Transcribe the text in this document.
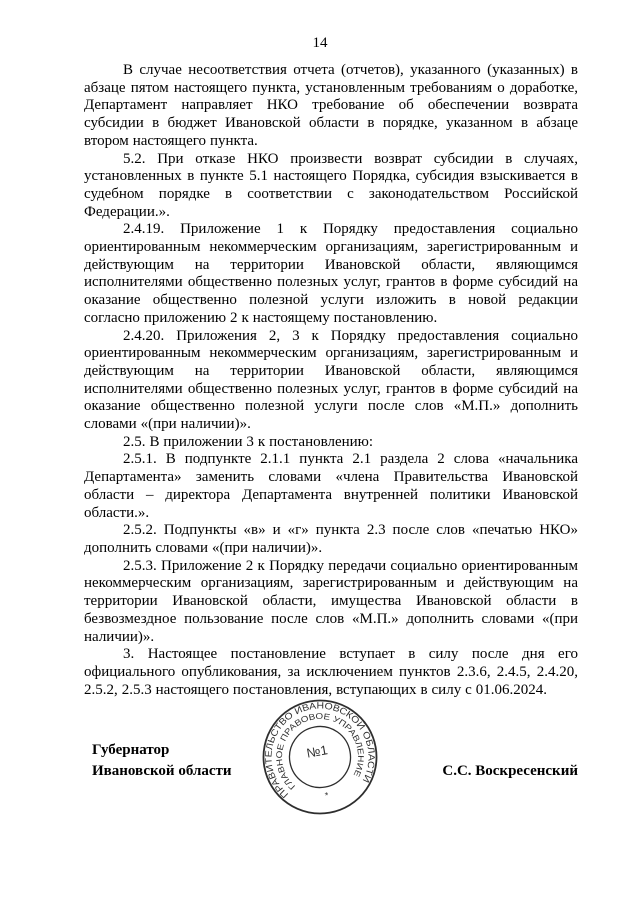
14

В случае несоответствия отчета (отчетов), указанного (указанных) в абзаце пятом настоящего пункта, установленным требованиям о доработке, Департамент направляет НКО требование об обеспечении возврата субсидии в бюджет Ивановской области в порядке, указанном в абзаце втором настоящего пункта.

5.2. При отказе НКО произвести возврат субсидии в случаях, установленных в пункте 5.1 настоящего Порядка, субсидия взыскивается в судебном порядке в соответствии с законодательством Российской Федерации.».

2.4.19. Приложение 1 к Порядку предоставления социально ориентированным некоммерческим организациям, зарегистрированным и действующим на территории Ивановской области, являющимся исполнителями общественно полезных услуг, грантов в форме субсидий на оказание общественно полезной услуги изложить в новой редакции согласно приложению 2 к настоящему постановлению.

2.4.20. Приложения 2, 3 к Порядку предоставления социально ориентированным некоммерческим организациям, зарегистрированным и действующим на территории Ивановской области, являющимся исполнителями общественно полезных услуг, грантов в форме субсидий на оказание общественно полезной услуги после слов «М.П.» дополнить словами «(при наличии)».

2.5. В приложении 3 к постановлению:

2.5.1. В подпункте 2.1.1 пункта 2.1 раздела 2 слова «начальника Департамента» заменить словами «члена Правительства Ивановской области – директора Департамента внутренней политики Ивановской области.».

2.5.2. Подпункты «в» и «г» пункта 2.3 после слов «печатью НКО» дополнить словами «(при наличии)».

2.5.3. Приложение 2 к Порядку передачи социально ориентированным некоммерческим организациям, зарегистрированным и действующим на территории Ивановской области, имущества Ивановской области в безвозмездное пользование после слов «М.П.» дополнить словами «(при наличии)».

3. Настоящее постановление вступает в силу после дня его официального опубликования, за исключением пунктов 2.3.6, 2.4.5, 2.4.20, 2.5.2, 2.5.3 настоящего постановления, вступающих в силу с 01.06.2024.

Губернатор
Ивановской области	С.С. Воскресенский
ПРАВИТЕЛЬСТВО ИВАНОВСКОЙ ОБЛАСТИ
ГЛАВНОЕ ПРАВОВОЕ УПРАВЛЕНИЕ
*
№1
